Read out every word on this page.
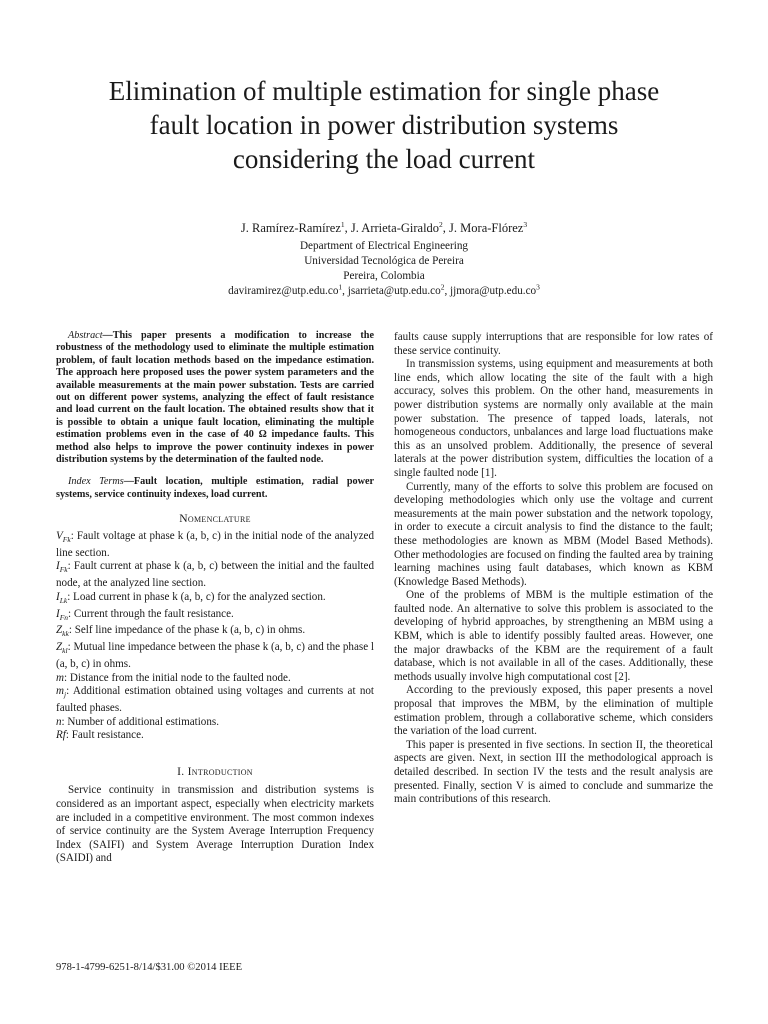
Elimination of multiple estimation for single phase
fault location in power distribution systems
considering the load current
J. Ramírez-Ramírez$^1$, J. Arrieta-Giraldo$^2$, J. Mora-Flórez$^3$
Department of Electrical Engineering
Universidad Tecnológica de Pereira
Pereira, Colombia
$daviramirez@utp.edu.co^1$, $jsarrieta@utp.edu.co^2$, $jjmora@utp.edu.co^3$

Abstract—This paper presents a modification to increase the robustness of the methodology used to eliminate the multiple estimation problem, of fault location methods based on the impedance estimation. The approach here proposed uses the power system parameters and the available measurements at the main power substation. Tests are carried out on different power systems, analyzing the effect of fault resistance and load current on the fault location. The obtained results show that it is possible to obtain a unique fault location, eliminating the multiple estimation problems even in the case of 40 Ω impedance faults. This method also helps to improve the power continuity indexes in power distribution systems by the determination of the faulted node.

Index Terms—Fault location, multiple estimation, radial power systems, service continuity indexes, load current.

Nomenclature

$V_{Fk}$: Fault voltage at phase k (a, b, c) in the initial node of the analyzed line section.

$I_{Fk}$: Fault current at phase k (a, b, c) between the initial and the faulted node, at the analyzed line section.

$I_{Lk}$: Load current in phase k (a, b, c) for the analyzed section.

$I_{Fn}$: Current through the fault resistance.

$Z_{kk}$: Self line impedance of the phase k (a, b, c) in ohms.

$Z_{kl}$: Mutual line impedance between the phase k (a, b, c) and the phase l (a, b, c) in ohms.

m: Distance from the initial node to the faulted node.

$m_j$: Additional estimation obtained using voltages and currents at not faulted phases.

n: Number of additional estimations.

Rf: Fault resistance.

I. Introduction

Service continuity in transmission and distribution systems is considered as an important aspect, especially when electricity markets are included in a competitive environment. The most common indexes of service continuity are the System Average Interruption Frequency Index (SAIFI) and System Average Interruption Duration Index (SAIDI) and

faults cause supply interruptions that are responsible for low rates of these service continuity.

In transmission systems, using equipment and measurements at both line ends, which allow locating the site of the fault with a high accuracy, solves this problem. On the other hand, measurements in power distribution systems are normally only available at the main power substation. The presence of tapped loads, laterals, not homogeneous conductors, unbalances and large load fluctuations make this as an unsolved problem. Additionally, the presence of several laterals at the power distribution system, difficulties the location of a single faulted node [1].

Currently, many of the efforts to solve this problem are focused on developing methodologies which only use the voltage and current measurements at the main power substation and the network topology, in order to execute a circuit analysis to find the distance to the fault; these methodologies are known as MBM (Model Based Methods). Other methodologies are focused on finding the faulted area by training learning machines using fault databases, which known as KBM (Knowledge Based Methods).

One of the problems of MBM is the multiple estimation of the faulted node. An alternative to solve this problem is associated to the developing of hybrid approaches, by strengthening an MBM using a KBM, which is able to identify possibly faulted areas. However, one the major drawbacks of the KBM are the requirement of a fault database, which is not available in all of the cases. Additionally, these methods usually involve high computational cost [2].

According to the previously exposed, this paper presents a novel proposal that improves the MBM, by the elimination of multiple estimation problem, through a collaborative scheme, which considers the variation of the load current.

This paper is presented in five sections. In section II, the theoretical aspects are given. Next, in section III the methodological approach is detailed described. In section IV the tests and the result analysis are presented. Finally, section V is aimed to conclude and summarize the main contributions of this research.

978-1-4799-6251-8/14/$31.00 ©2014 IEEE
